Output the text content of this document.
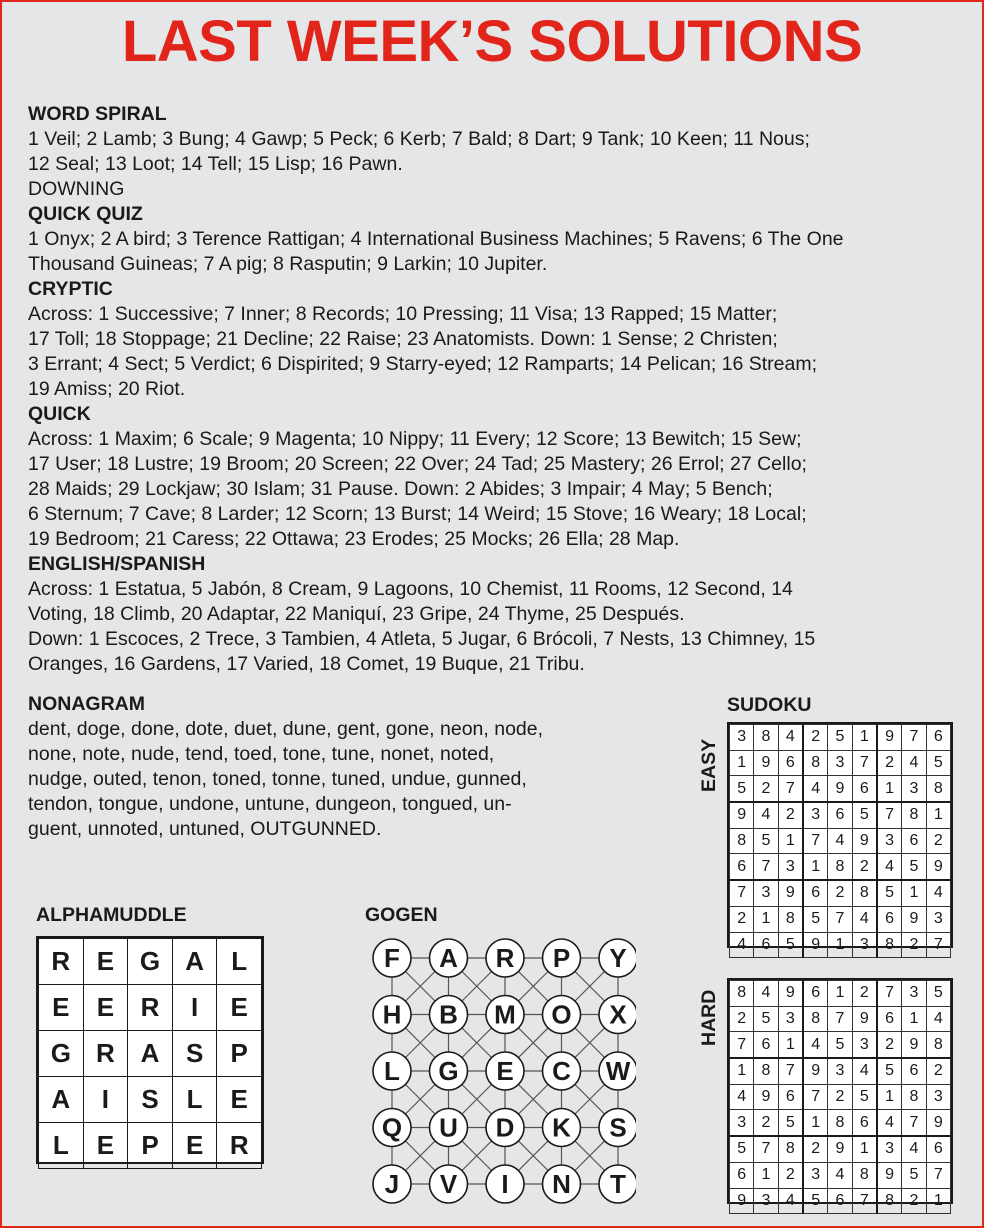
LAST WEEK’S SOLUTIONS
WORD SPIRAL

1 Veil; 2 Lamb; 3 Bung; 4 Gawp; 5 Peck; 6 Kerb; 7 Bald; 8 Dart; 9 Tank; 10 Keen; 11 Nous;

12 Seal; 13 Loot; 14 Tell; 15 Lisp; 16 Pawn.

DOWNING

QUICK QUIZ

1 Onyx; 2 A bird; 3 Terence Rattigan; 4 International Business Machines; 5 Ravens; 6 The One

Thousand Guineas; 7 A pig; 8 Rasputin; 9 Larkin; 10 Jupiter.

CRYPTIC

Across: 1 Successive; 7 Inner; 8 Records; 10 Pressing; 11 Visa; 13 Rapped; 15 Matter;

17 Toll; 18 Stoppage; 21 Decline; 22 Raise; 23 Anatomists. Down: 1 Sense; 2 Christen;

3 Errant; 4 Sect; 5 Verdict; 6 Dispirited; 9 Starry-eyed; 12 Ramparts; 14 Pelican; 16 Stream;

19 Amiss; 20 Riot.

QUICK

Across: 1 Maxim; 6 Scale; 9 Magenta; 10 Nippy; 11 Every; 12 Score; 13 Bewitch; 15 Sew;

17 User; 18 Lustre; 19 Broom; 20 Screen; 22 Over; 24 Tad; 25 Mastery; 26 Errol; 27 Cello;

28 Maids; 29 Lockjaw; 30 Islam; 31 Pause. Down: 2 Abides; 3 Impair; 4 May; 5 Bench;

6 Sternum; 7 Cave; 8 Larder; 12 Scorn; 13 Burst; 14 Weird; 15 Stove; 16 Weary; 18 Local;

19 Bedroom; 21 Caress; 22 Ottawa; 23 Erodes; 25 Mocks; 26 Ella; 28 Map.

ENGLISH/SPANISH

Across: 1 Estatua, 5 Jabón, 8 Cream, 9 Lagoons, 10 Chemist, 11 Rooms, 12 Second, 14

Voting, 18 Climb, 20 Adaptar, 22 Maniquí, 23 Gripe, 24 Thyme, 25 Después.

Down: 1 Escoces, 2 Trece, 3 Tambien, 4 Atleta, 5 Jugar, 6 Brócoli, 7 Nests, 13 Chimney, 15

Oranges, 16 Gardens, 17 Varied, 18 Comet, 19 Buque, 21 Tribu.

NONAGRAM

dent, doge, done, dote, duet, dune, gent, gone, neon, node,

none, note, nude, tend, toed, tone, tune, nonet, noted,

nudge, outed, tenon, toned, tonne, tuned, undue, gunned,

tendon, tongue, undone, untune, dungeon, tongued, un-

guent, unnoted, untuned, OUTGUNNED.

SUDOKU
EASY
3	8	4	2	5	1	9	7	6
1	9	6	8	3	7	2	4	5
5	2	7	4	9	6	1	3	8
9	4	2	3	6	5	7	8	1
8	5	1	7	4	9	3	6	2
6	7	3	1	8	2	4	5	9
7	3	9	6	2	8	5	1	4
2	1	8	5	7	4	6	9	3
4	6	5	9	1	3	8	2	7
HARD 8	4	9	6	1	2	7	3	5
2	5	3	8	7	9	6	1	4
7	6	1	4	5	3	2	9	8
1	8	7	9	3	4	5	6	2
4	9	6	7	2	5	1	8	3
3	2	5	1	8	6	4	7	9
5	7	8	2	9	1	3	4	6
6	1	2	3	4	8	9	5	7
9	3	4	5	6	7	8	2	1
ALPHAMUDDLE
R	E	G	A	L
E	E	R	I	E
G	R	A	S	P
A	I	S	L	E
L	E	P	E	R
GOGEN
F A R P Y
H B M O X
L G E C W
Q U D K S
J V I N T
